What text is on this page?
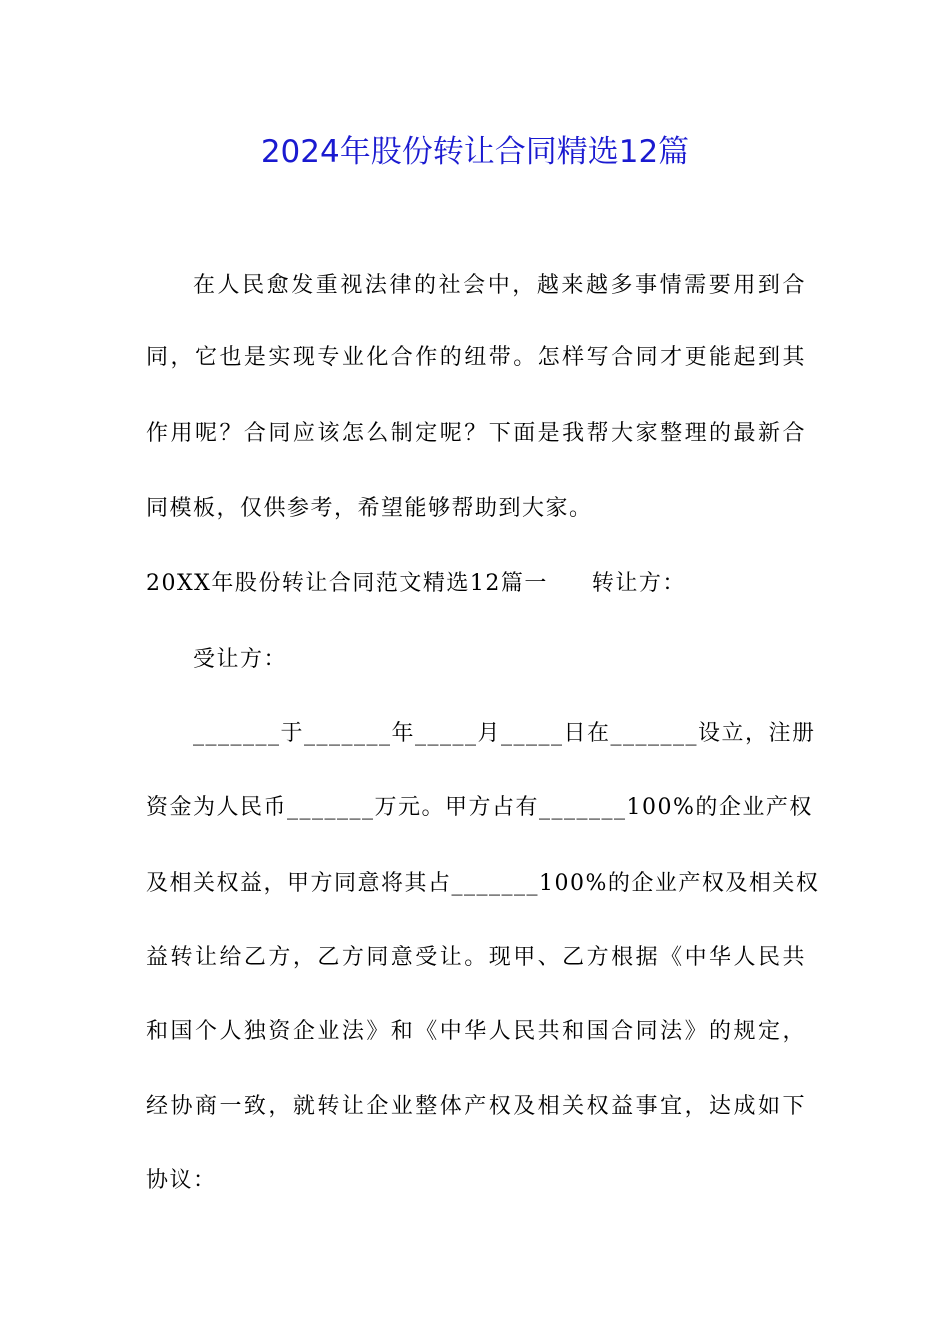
2024年股份转让合同精选12篇
在人民愈发重视法律的社会中，越来越多事情需要用到合
同，它也是实现专业化合作的纽带。怎样写合同才更能起到其
作用呢？合同应该怎么制定呢？下面是我帮大家整理的最新合
同模板，仅供参考，希望能够帮助到大家。
20XX年股份转让合同范文精选12篇一 转让方：
受让方：
_______于_______年_____月_____日在_______设立，注册
资金为人民币_______万元。甲方占有_______100%的企业产权
及相关权益，甲方同意将其占_______100%的企业产权及相关权
益转让给乙方，乙方同意受让。现甲、乙方根据《中华人民共
和国个人独资企业法》和《中华人民共和国合同法》的规定，
经协商一致，就转让企业整体产权及相关权益事宜，达成如下
协议：
